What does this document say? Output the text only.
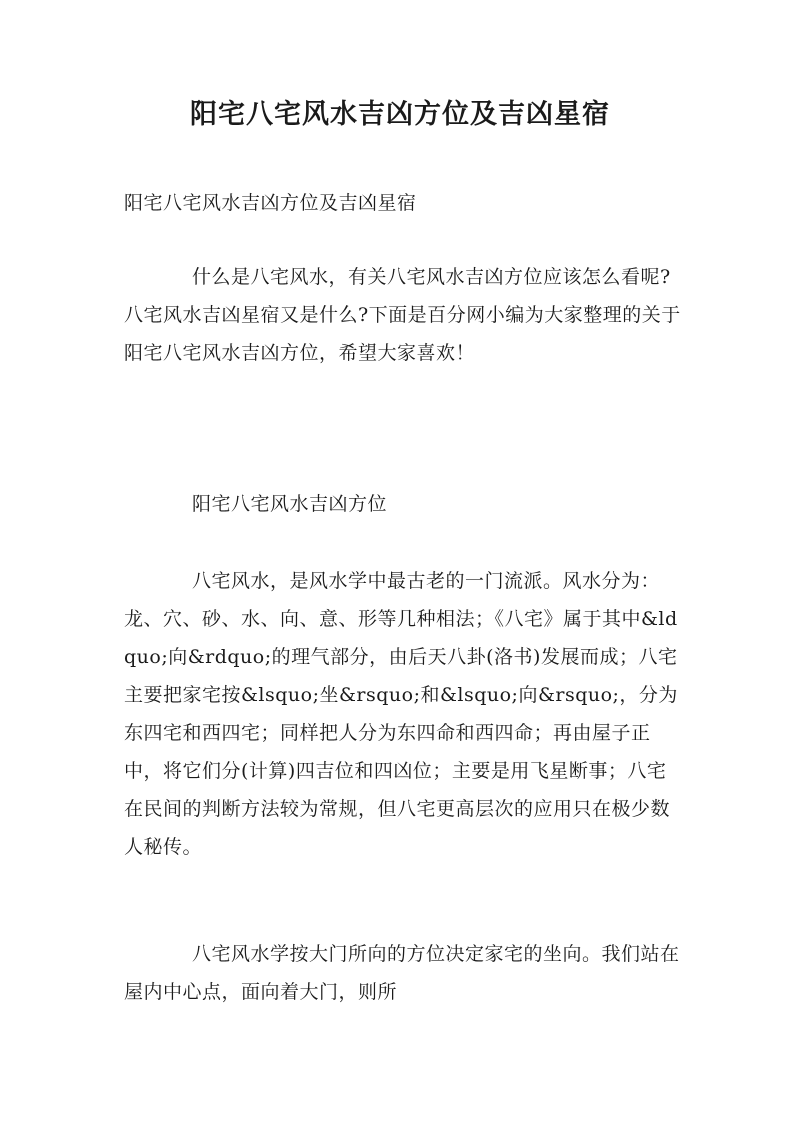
阳宅八宅风水吉凶方位及吉凶星宿

阳宅八宅风水吉凶方位及吉凶星宿

什么是八宅风水，有关八宅风水吉凶方位应该怎么看呢?八宅风水吉凶星宿又是什么?下面是百分网小编为大家整理的关于阳宅八宅风水吉凶方位，希望大家喜欢！

阳宅八宅风水吉凶方位

八宅风水，是风水学中最古老的一门流派。风水分为：龙、穴、砂、水、向、意、形等几种相法；《八宅》属于其中&ldquo;向&rdquo;的理气部分，由后天八卦(洛书)发展而成；八宅主要把家宅按&lsquo;坐&rsquo;和&lsquo;向&rsquo;，分为东四宅和西四宅；同样把人分为东四命和西四命；再由屋子正中，将它们分(计算)四吉位和四凶位；主要是用飞星断事；八宅在民间的判断方法较为常规，但八宅更高层次的应用只在极少数人秘传。

八宅风水学按大门所向的方位决定家宅的坐向。我们站在屋内中心点，面向着大门，则所
